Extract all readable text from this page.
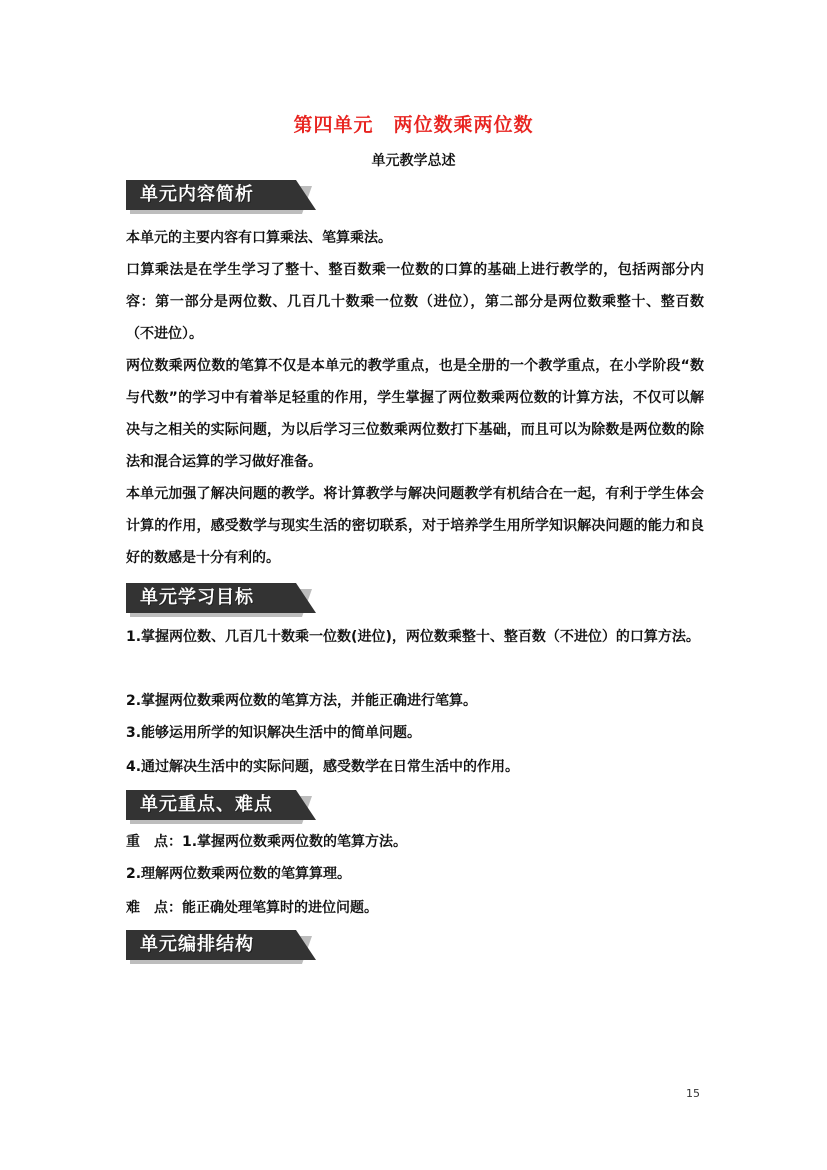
第四单元　两位数乘两位数
单元教学总述
单元内容简析

本单元的主要内容有口算乘法、笔算乘法。

口算乘法是在学生学习了整十、整百数乘一位数的口算的基础上进行教学的，包括两部分内容：第一部分是两位数、几百几十数乘一位数（进位），第二部分是两位数乘整十、整百数（不进位）。

两位数乘两位数的笔算不仅是本单元的教学重点，也是全册的一个教学重点，在小学阶段“数与代数”的学习中有着举足轻重的作用，学生掌握了两位数乘两位数的计算方法，不仅可以解决与之相关的实际问题，为以后学习三位数乘两位数打下基础，而且可以为除数是两位数的除法和混合运算的学习做好准备。

本单元加强了解决问题的教学。将计算教学与解决问题教学有机结合在一起，有利于学生体会计算的作用，感受数学与现实生活的密切联系，对于培养学生用所学知识解决问题的能力和良好的数感是十分有利的。

单元学习目标

1.掌握两位数、几百几十数乘一位数(进位)，两位数乘整十、整百数（不进位）的口算方法。

2.掌握两位数乘两位数的笔算方法，并能正确进行笔算。

3.能够运用所学的知识解决生活中的简单问题。

4.通过解决生活中的实际问题，感受数学在日常生活中的作用。

单元重点、难点

重　点：1.掌握两位数乘两位数的笔算方法。

2.理解两位数乘两位数的笔算算理。

难　点：能正确处理笔算时的进位问题。

单元编排结构
15
